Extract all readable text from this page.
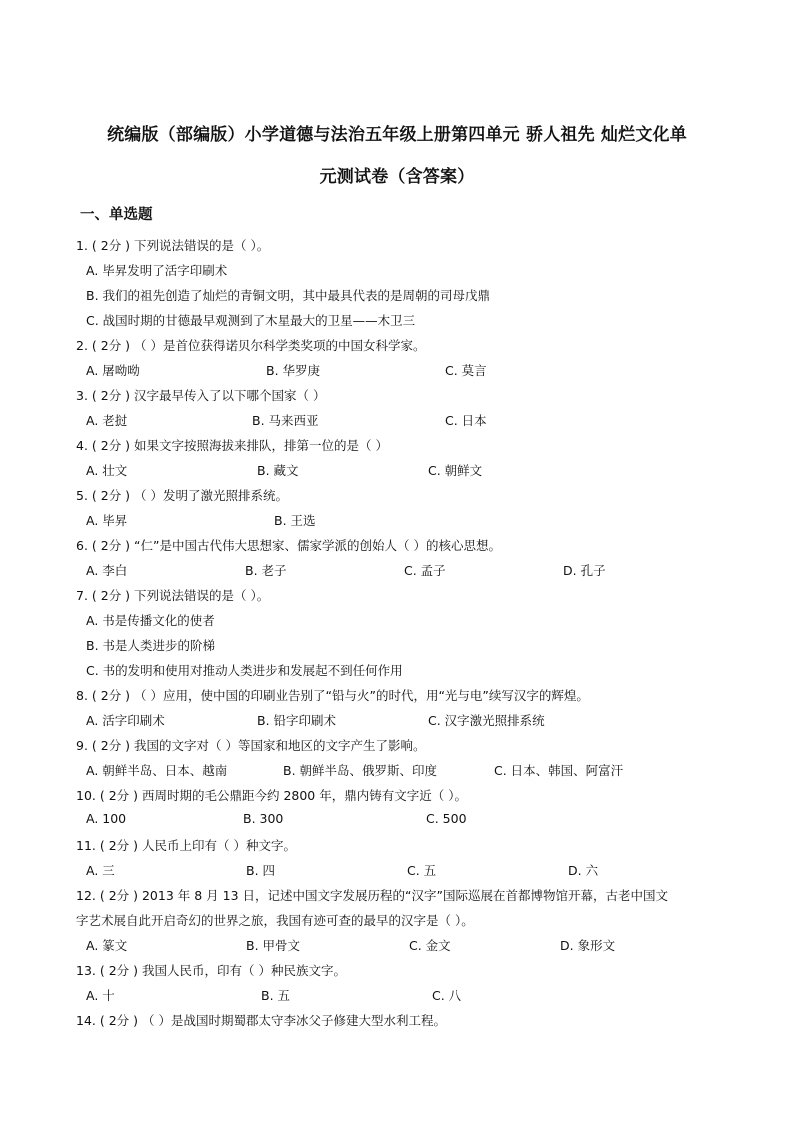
统编版（部编版）小学道德与法治五年级上册第四单元 骄人祖先 灿烂文化单
元测试卷（含答案）
一、单选题
1. ( 2分 ) 下列说法错误的是（ ）。
A. 毕昇发明了活字印刷术
B. 我们的祖先创造了灿烂的青铜文明，其中最具代表的是周朝的司母戊鼎
C. 战国时期的甘德最早观测到了木星最大的卫星——木卫三
2. ( 2分 ) （ ）是首位获得诺贝尔科学类奖项的中国女科学家。
A. 屠呦呦	B. 华罗庚	C. 莫言
3. ( 2分 ) 汉字最早传入了以下哪个国家（ ）
A. 老挝	B. 马来西亚	C. 日本
4. ( 2分 ) 如果文字按照海拔来排队，排第一位的是（ ）
A. 壮文	B. 藏文	C. 朝鲜文
5. ( 2分 ) （ ）发明了激光照排系统。
A. 毕昇	B. 王选
6. ( 2分 ) “仁”是中国古代伟大思想家、儒家学派的创始人（ ）的核心思想。
A. 李白	B. 老子	C. 孟子	D. 孔子
7. ( 2分 ) 下列说法错误的是（ ）。
A. 书是传播文化的使者
B. 书是人类进步的阶梯
C. 书的发明和使用对推动人类进步和发展起不到任何作用
8. ( 2分 ) （ ）应用，使中国的印刷业告别了“铅与火”的时代，用“光与电”续写汉字的辉煌。
A. 活字印刷术	B. 铅字印刷术	C. 汉字激光照排系统
9. ( 2分 ) 我国的文字对（ ）等国家和地区的文字产生了影响。
A. 朝鲜半岛、日本、越南	B. 朝鲜半岛、俄罗斯、印度	C. 日本、韩国、阿富汗
10. ( 2分 ) 西周时期的毛公鼎距今约 2800 年，鼎内铸有文字近（ ）。
A. 100	B. 300	C. 500
11. ( 2分 ) 人民币上印有（ ）种文字。
A. 三	B. 四	C. 五	D. 六
12. ( 2分 ) 2013 年 8 月 13 日，记述中国文字发展历程的“汉字”国际巡展在首都博物馆开幕，古老中国文
字艺术展自此开启奇幻的世界之旅，我国有迹可查的最早的汉字是（ ）。
A. 篆文	B. 甲骨文	C. 金文	D. 象形文
13. ( 2分 ) 我国人民币，印有（ ）种民族文字。
A. 十	B. 五	C. 八
14. ( 2分 ) （ ）是战国时期蜀郡太守李冰父子修建大型水利工程。
